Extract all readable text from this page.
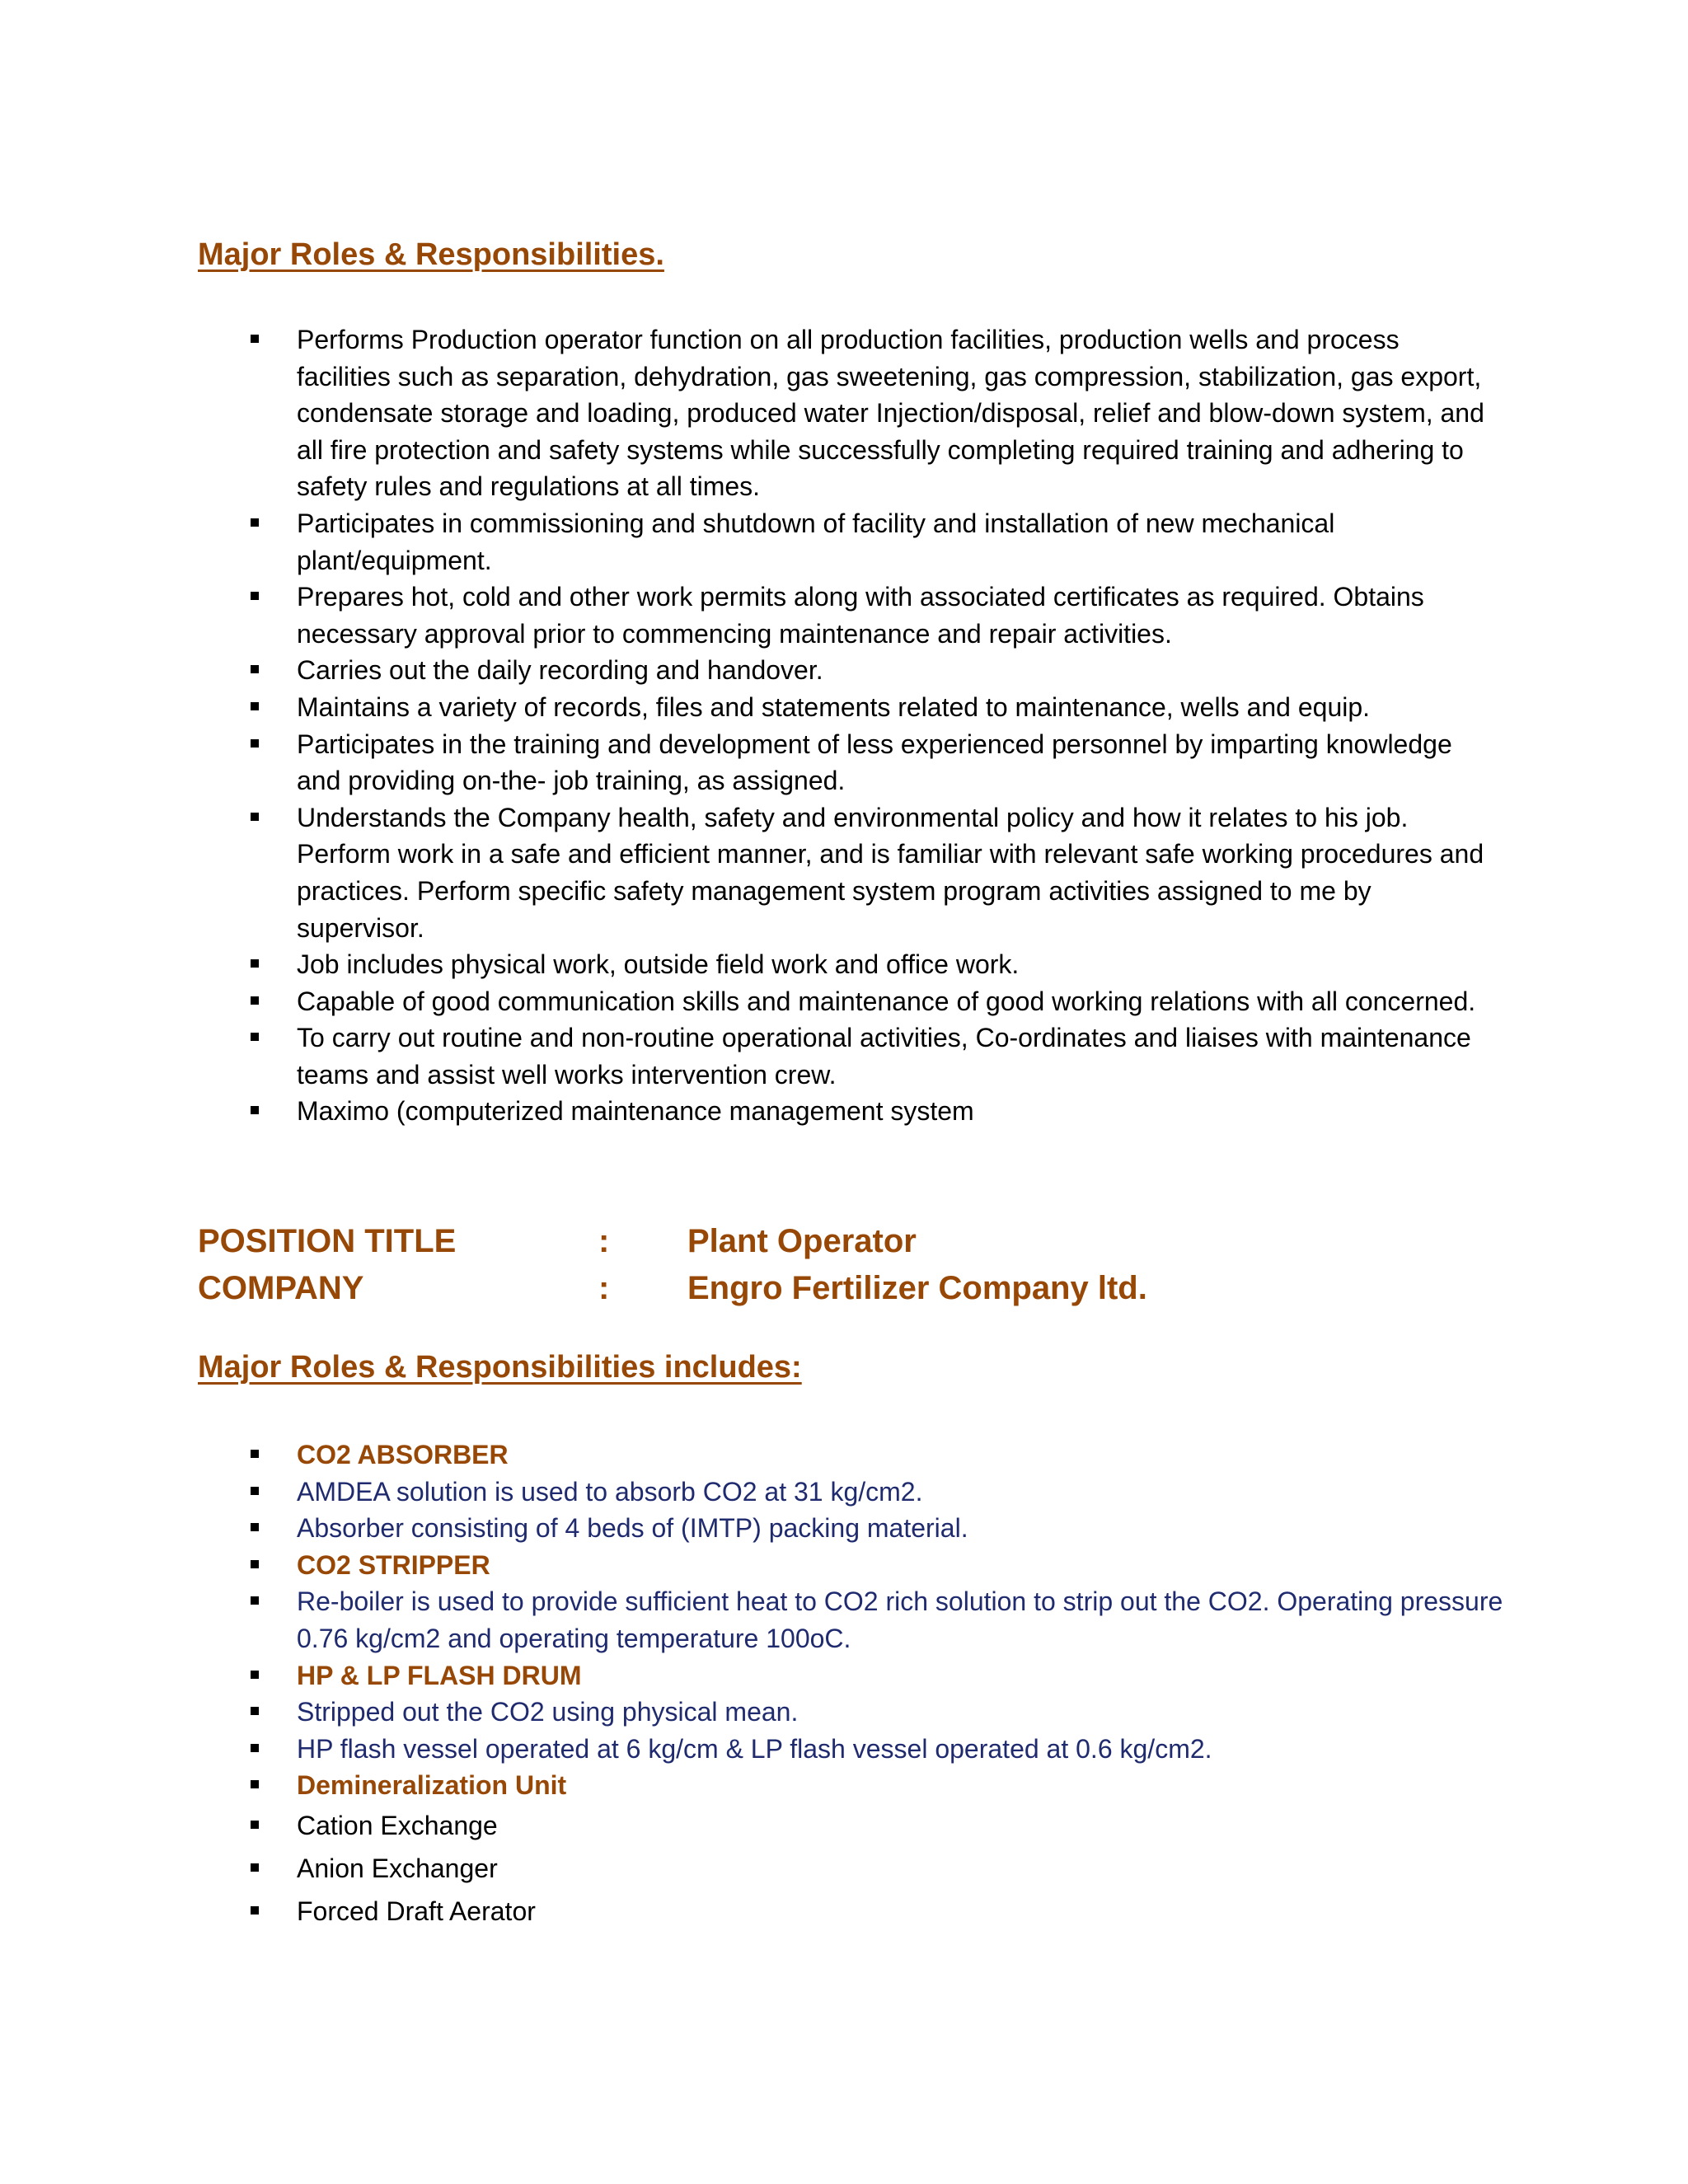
Major Roles & Responsibilities.
Performs Production operator function on all production facilities, production wells and process facilities such as separation, dehydration, gas sweetening, gas compression, stabilization, gas export, condensate storage and loading, produced water Injection/disposal, relief and blow-down system, and all fire protection and safety systems while successfully completing required training and adhering to safety rules and regulations at all times.
Participates in commissioning and shutdown of facility and installation of new mechanical plant/equipment.
Prepares hot, cold and other work permits along with associated certificates as required. Obtains necessary approval prior to commencing maintenance and repair activities.
Carries out the daily recording and handover.
Maintains a variety of records, files and statements related to maintenance, wells and equip.
Participates in the training and development of less experienced personnel by imparting knowledge and providing on-the- job training, as assigned.
Understands the Company health, safety and environmental policy and how it relates to his job. Perform work in a safe and efficient manner, and is familiar with relevant safe working procedures and practices. Perform specific safety management system program activities assigned to me by supervisor.
Job includes physical work, outside field work and office work.
Capable of good communication skills and maintenance of good working relations with all concerned.
To carry out routine and non-routine operational activities, Co-ordinates and liaises with maintenance teams and assist well works intervention crew.
Maximo (computerized maintenance management system
POSITION TITLE	: Plant Operator
COMPANY	: Engro Fertilizer Company ltd.
Major Roles & Responsibilities includes:
CO2 ABSORBER
AMDEA solution is used to absorb CO2 at 31 kg/cm2.
Absorber consisting of 4 beds of (IMTP) packing material.
CO2 STRIPPER
Re-boiler is used to provide sufficient heat to CO2 rich solution to strip out the CO2. Operating pressure 0.76 kg/cm2 and operating temperature 100oC.
HP & LP FLASH DRUM
Stripped out the CO2 using physical mean.
HP flash vessel operated at 6 kg/cm & LP flash vessel operated at 0.6 kg/cm2.
Demineralization Unit
Cation Exchange
Anion Exchanger
Forced Draft Aerator
